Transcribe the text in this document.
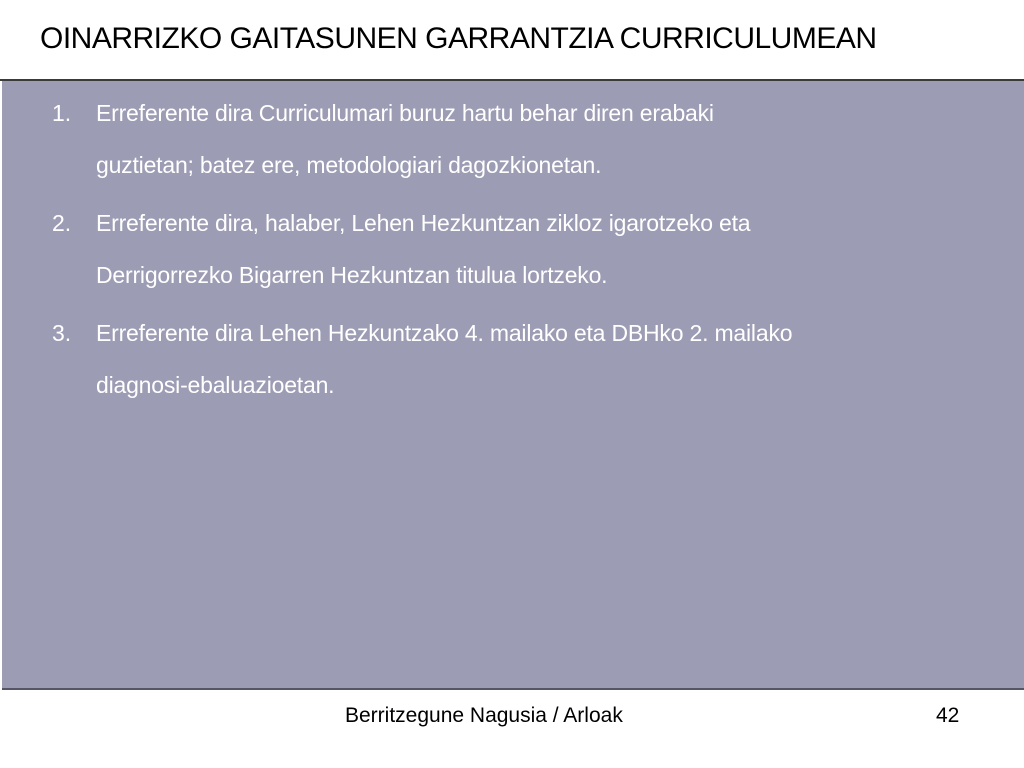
OINARRIZKO GAITASUNEN GARRANTZIA CURRICULUMEAN
1.	Erreferente dira Curriculumari buruz hartu behar diren erabaki
guztietan; batez ere, metodologiari dagozkionetan.
2.	Erreferente dira, halaber, Lehen Hezkuntzan zikloz igarotzeko eta
Derrigorrezko Bigarren Hezkuntzan titulua lortzeko.
3.	Erreferente dira Lehen Hezkuntzako 4. mailako eta DBHko 2. mailako
diagnosi-ebaluazioetan.
Berritzegune Nagusia / Arloak	42
